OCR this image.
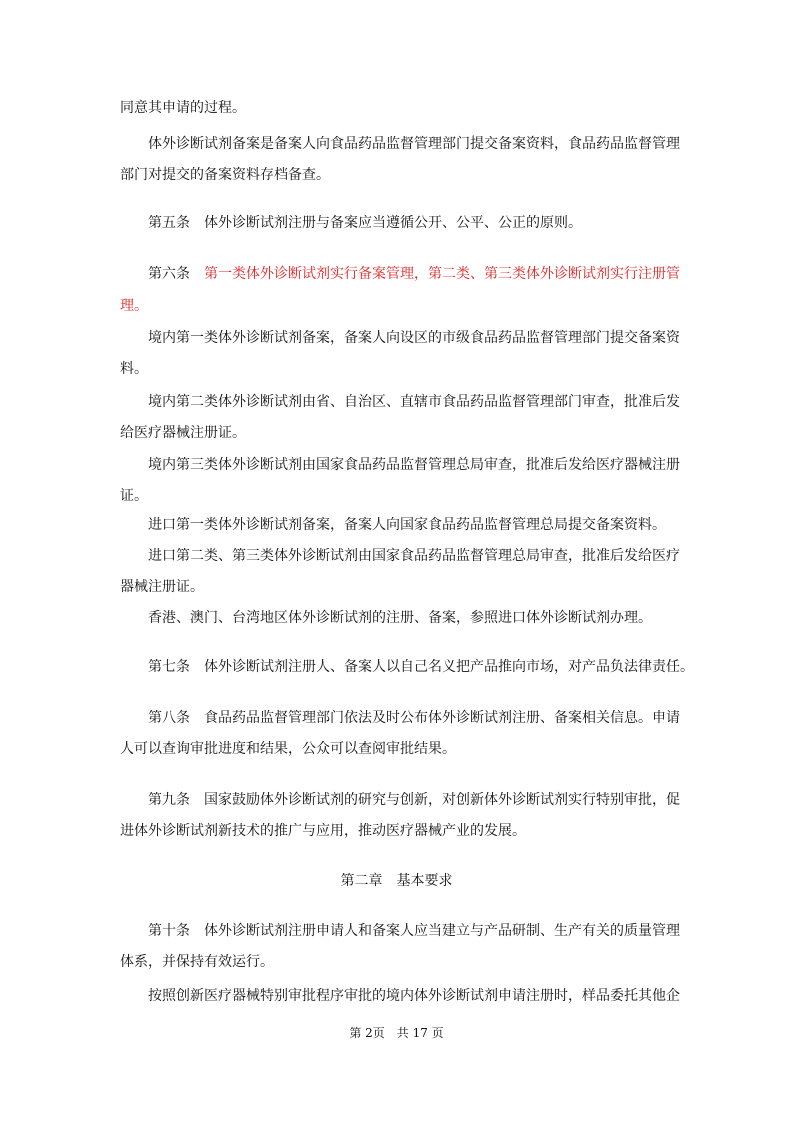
同意其申请的过程。
体外诊断试剂备案是备案人向食品药品监督管理部门提交备案资料，食品药品监督管理
部门对提交的备案资料存档备查。
第五条 体外诊断试剂注册与备案应当遵循公开、公平、公正的原则。
第六条 第一类体外诊断试剂实行备案管理，第二类、第三类体外诊断试剂实行注册管
理。
境内第一类体外诊断试剂备案，备案人向设区的市级食品药品监督管理部门提交备案资
料。
境内第二类体外诊断试剂由省、自治区、直辖市食品药品监督管理部门审查，批准后发
给医疗器械注册证。
境内第三类体外诊断试剂由国家食品药品监督管理总局审查，批准后发给医疗器械注册
证。
进口第一类体外诊断试剂备案，备案人向国家食品药品监督管理总局提交备案资料。
进口第二类、第三类体外诊断试剂由国家食品药品监督管理总局审查，批准后发给医疗
器械注册证。
香港、澳门、台湾地区体外诊断试剂的注册、备案，参照进口体外诊断试剂办理。
第七条 体外诊断试剂注册人、备案人以自己名义把产品推向市场，对产品负法律责任。
第八条 食品药品监督管理部门依法及时公布体外诊断试剂注册、备案相关信息。申请
人可以查询审批进度和结果，公众可以查阅审批结果。
第九条 国家鼓励体外诊断试剂的研究与创新，对创新体外诊断试剂实行特别审批，促
进体外诊断试剂新技术的推广与应用，推动医疗器械产业的发展。
第二章　基本要求
第十条 体外诊断试剂注册申请人和备案人应当建立与产品研制、生产有关的质量管理
体系，并保持有效运行。
按照创新医疗器械特别审批程序审批的境内体外诊断试剂申请注册时，样品委托其他企
第 2页　共 17 页
